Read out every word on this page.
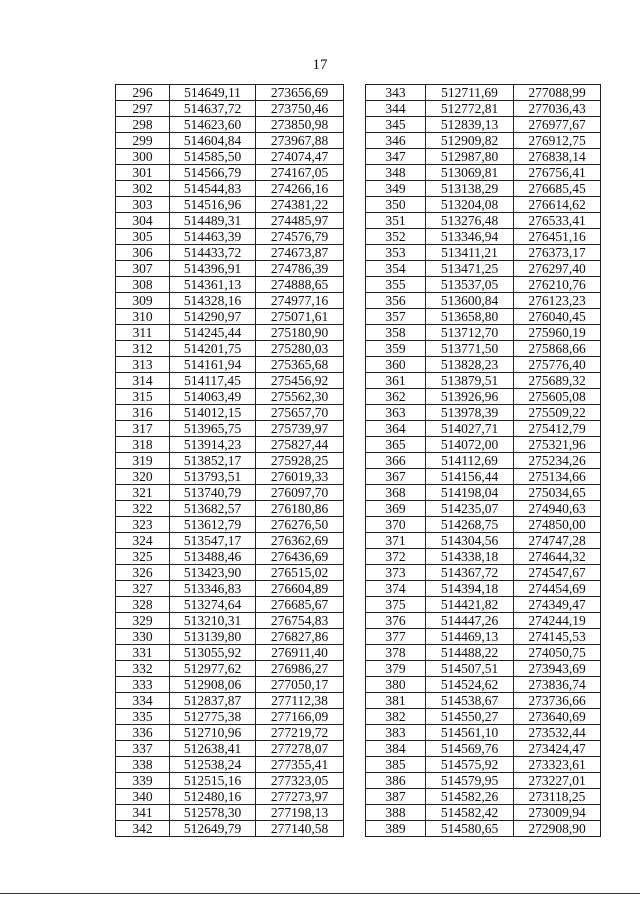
17
296	514649,11	273656,69
297	514637,72	273750,46
298	514623,60	273850,98
299	514604,84	273967,88
300	514585,50	274074,47
301	514566,79	274167,05
302	514544,83	274266,16
303	514516,96	274381,22
304	514489,31	274485,97
305	514463,39	274576,79
306	514433,72	274673,87
307	514396,91	274786,39
308	514361,13	274888,65
309	514328,16	274977,16
310	514290,97	275071,61
311	514245,44	275180,90
312	514201,75	275280,03
313	514161,94	275365,68
314	514117,45	275456,92
315	514063,49	275562,30
316	514012,15	275657,70
317	513965,75	275739,97
318	513914,23	275827,44
319	513852,17	275928,25
320	513793,51	276019,33
321	513740,79	276097,70
322	513682,57	276180,86
323	513612,79	276276,50
324	513547,17	276362,69
325	513488,46	276436,69
326	513423,90	276515,02
327	513346,83	276604,89
328	513274,64	276685,67
329	513210,31	276754,83
330	513139,80	276827,86
331	513055,92	276911,40
332	512977,62	276986,27
333	512908,06	277050,17
334	512837,87	277112,38
335	512775,38	277166,09
336	512710,96	277219,72
337	512638,41	277278,07
338	512538,24	277355,41
339	512515,16	277323,05
340	512480,16	277273,97
341	512578,30	277198,13
342	512649,79	277140,58
343	512711,69	277088,99
344	512772,81	277036,43
345	512839,13	276977,67
346	512909,82	276912,75
347	512987,80	276838,14
348	513069,81	276756,41
349	513138,29	276685,45
350	513204,08	276614,62
351	513276,48	276533,41
352	513346,94	276451,16
353	513411,21	276373,17
354	513471,25	276297,40
355	513537,05	276210,76
356	513600,84	276123,23
357	513658,80	276040,45
358	513712,70	275960,19
359	513771,50	275868,66
360	513828,23	275776,40
361	513879,51	275689,32
362	513926,96	275605,08
363	513978,39	275509,22
364	514027,71	275412,79
365	514072,00	275321,96
366	514112,69	275234,26
367	514156,44	275134,66
368	514198,04	275034,65
369	514235,07	274940,63
370	514268,75	274850,00
371	514304,56	274747,28
372	514338,18	274644,32
373	514367,72	274547,67
374	514394,18	274454,69
375	514421,82	274349,47
376	514447,26	274244,19
377	514469,13	274145,53
378	514488,22	274050,75
379	514507,51	273943,69
380	514524,62	273836,74
381	514538,67	273736,66
382	514550,27	273640,69
383	514561,10	273532,44
384	514569,76	273424,47
385	514575,92	273323,61
386	514579,95	273227,01
387	514582,26	273118,25
388	514582,42	273009,94
389	514580,65	272908,90
